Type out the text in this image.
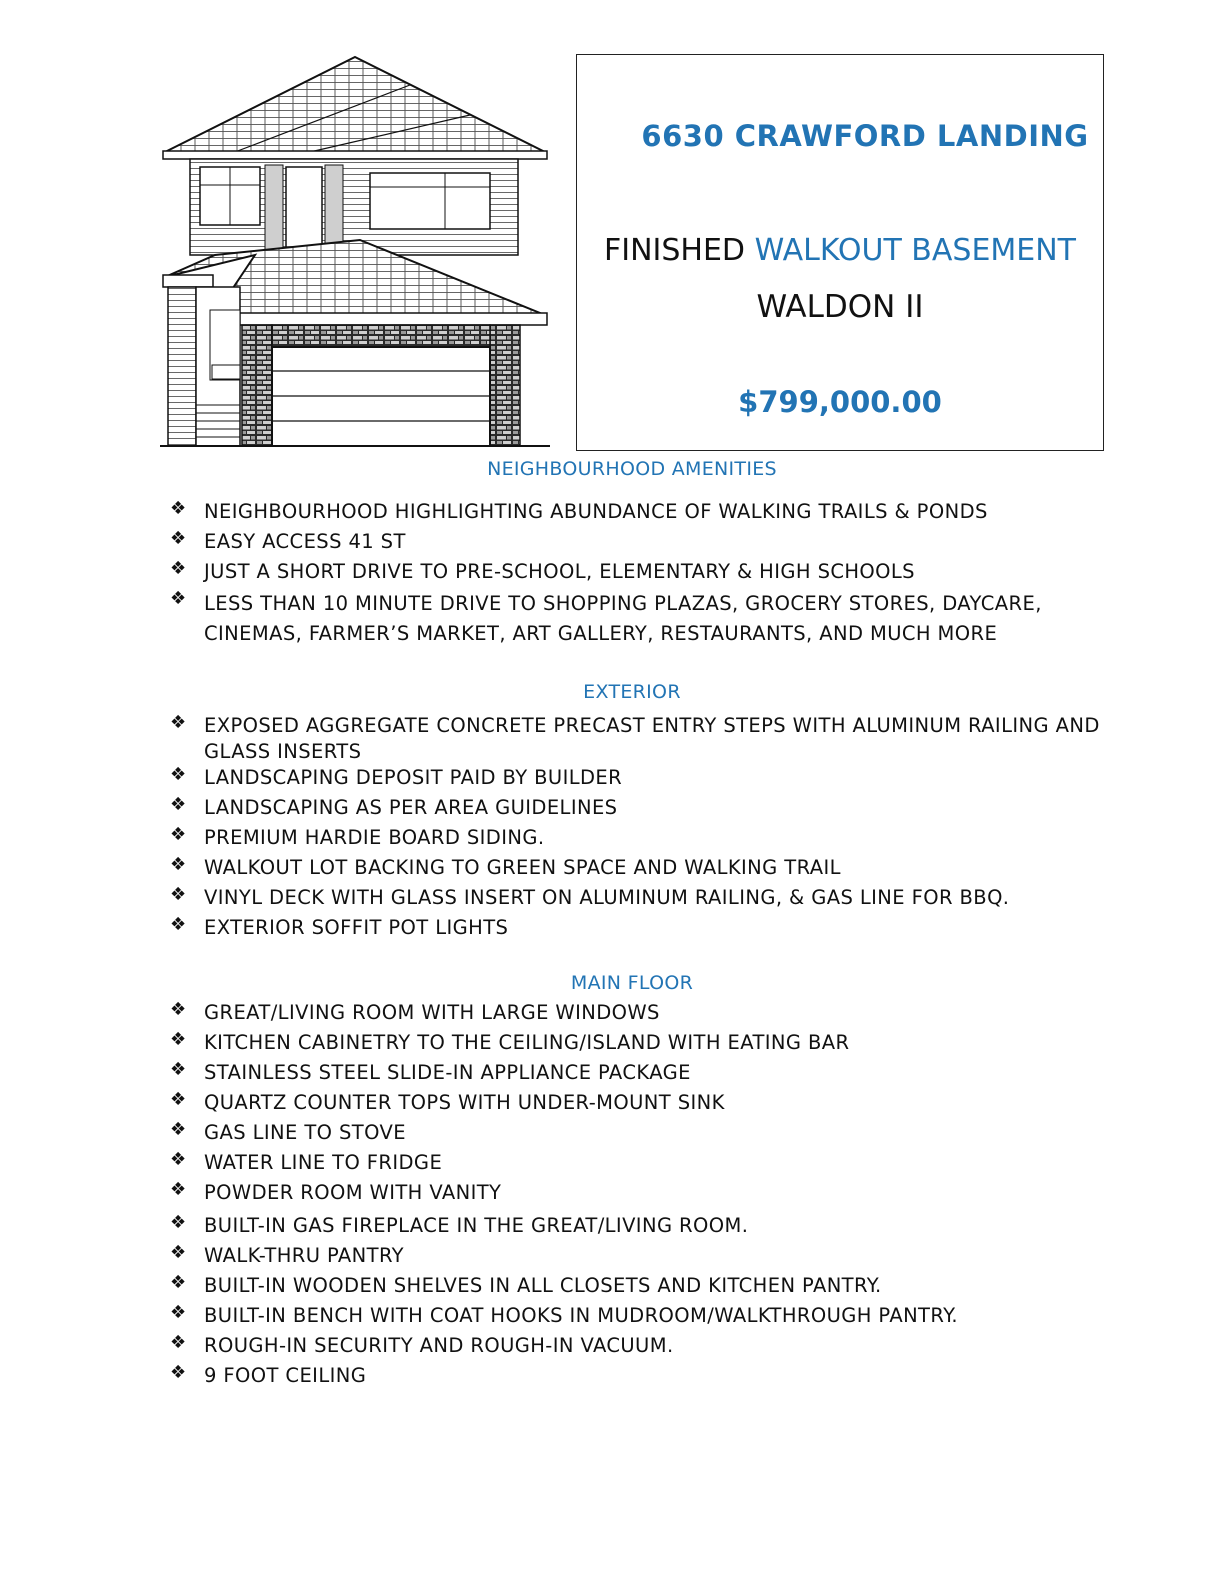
6630 CRAWFORD LANDING
FINISHED WALKOUT BASEMENT
WALDON II
$799,000.00
NEIGHBOURHOOD AMENITIES
❖ NEIGHBOURHOOD HIGHLIGHTING ABUNDANCE OF WALKING TRAILS & PONDS
❖ EASY ACCESS 41 ST
❖ JUST A SHORT DRIVE TO PRE-SCHOOL, ELEMENTARY & HIGH SCHOOLS
❖ LESS THAN 10 MINUTE DRIVE TO SHOPPING PLAZAS, GROCERY STORES, DAYCARE, CINEMAS, FARMER’S MARKET, ART GALLERY, RESTAURANTS, AND MUCH MORE
EXTERIOR
❖ EXPOSED AGGREGATE CONCRETE PRECAST ENTRY STEPS WITH ALUMINUM RAILING AND GLASS INSERTS
❖ LANDSCAPING DEPOSIT PAID BY BUILDER
❖ LANDSCAPING AS PER AREA GUIDELINES
❖ PREMIUM HARDIE BOARD SIDING.
❖ WALKOUT LOT BACKING TO GREEN SPACE AND WALKING TRAIL
❖ VINYL DECK WITH GLASS INSERT ON ALUMINUM RAILING, & GAS LINE FOR BBQ.
❖ EXTERIOR SOFFIT POT LIGHTS
MAIN FLOOR
❖ GREAT/LIVING ROOM WITH LARGE WINDOWS
❖ KITCHEN CABINETRY TO THE CEILING/ISLAND WITH EATING BAR
❖ STAINLESS STEEL SLIDE-IN APPLIANCE PACKAGE
❖ QUARTZ COUNTER TOPS WITH UNDER-MOUNT SINK
❖ GAS LINE TO STOVE
❖ WATER LINE TO FRIDGE
❖ POWDER ROOM WITH VANITY
❖ BUILT-IN GAS FIREPLACE IN THE GREAT/LIVING ROOM.
❖ WALK-THRU PANTRY
❖ BUILT-IN WOODEN SHELVES IN ALL CLOSETS AND KITCHEN PANTRY.
❖ BUILT-IN BENCH WITH COAT HOOKS IN MUDROOM/WALKTHROUGH PANTRY.
❖ ROUGH-IN SECURITY AND ROUGH-IN VACUUM.
❖ 9 FOOT CEILING
